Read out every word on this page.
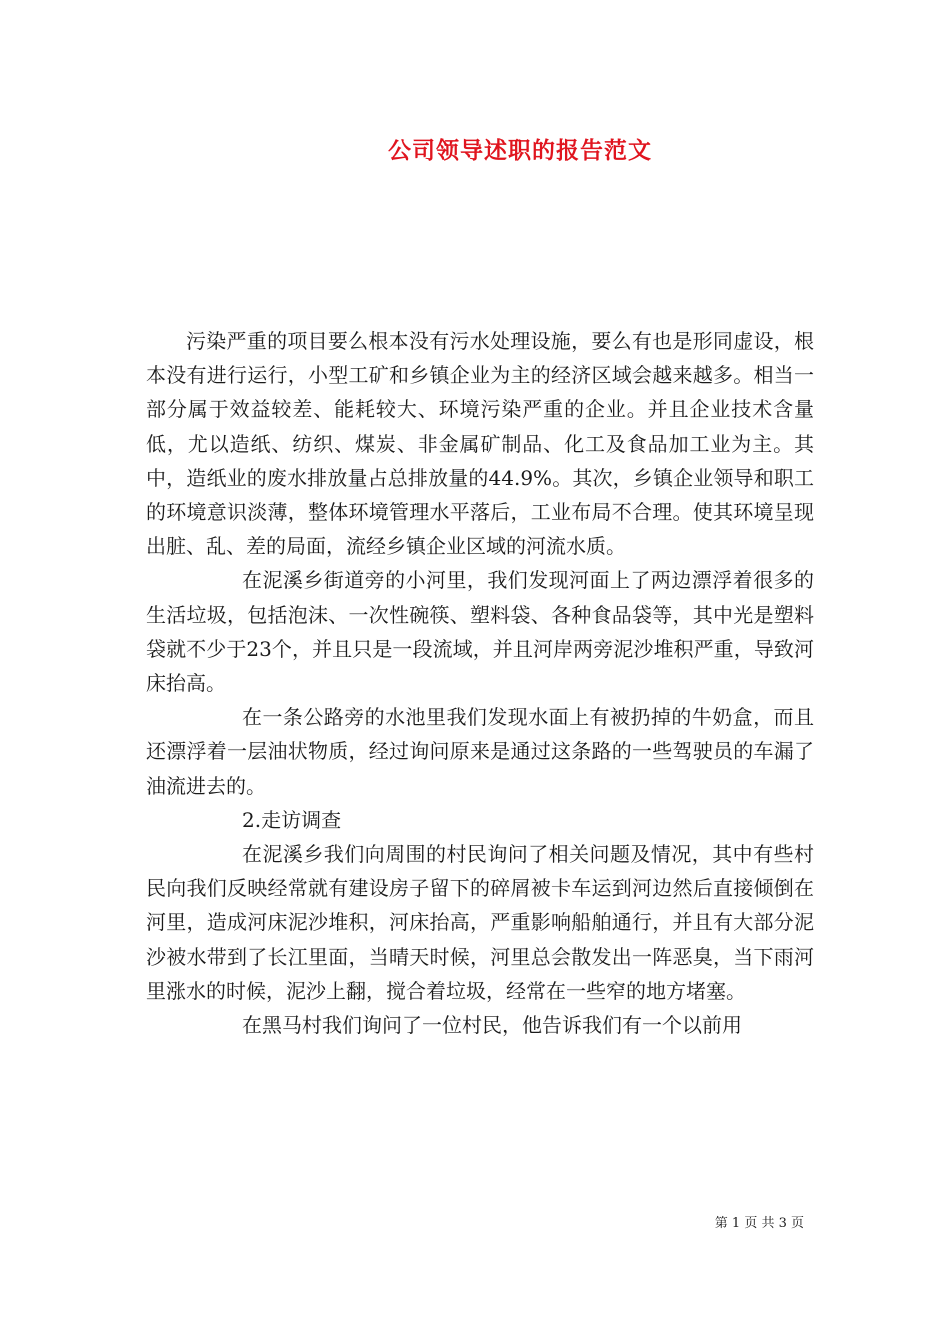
公司领导述职的报告范文

污染严重的项目要么根本没有污水处理设施，要么有也是形同虚设，根本没有进行运行，小型工矿和乡镇企业为主的经济区域会越来越多。相当一部分属于效益较差、能耗较大、环境污染严重的企业。并且企业技术含量低，尤以造纸、纺织、煤炭、非金属矿制品、化工及食品加工业为主。其中，造纸业的废水排放量占总排放量的44.9%。其次，乡镇企业领导和职工的环境意识淡薄，整体环境管理水平落后，工业布局不合理。使其环境呈现出脏、乱、差的局面，流经乡镇企业区域的河流水质。

在泥溪乡街道旁的小河里，我们发现河面上了两边漂浮着很多的生活垃圾，包括泡沫、一次性碗筷、塑料袋、各种食品袋等，其中光是塑料袋就不少于23个，并且只是一段流域，并且河岸两旁泥沙堆积严重，导致河床抬高。

在一条公路旁的水池里我们发现水面上有被扔掉的牛奶盒，而且还漂浮着一层油状物质，经过询问原来是通过这条路的一些驾驶员的车漏了油流进去的。

2.走访调查

在泥溪乡我们向周围的村民询问了相关问题及情况，其中有些村民向我们反映经常就有建设房子留下的碎屑被卡车运到河边然后直接倾倒在河里，造成河床泥沙堆积，河床抬高，严重影响船舶通行，并且有大部分泥沙被水带到了长江里面，当晴天时候，河里总会散发出一阵恶臭，当下雨河里涨水的时候，泥沙上翻，搅合着垃圾，经常在一些窄的地方堵塞。

在黑马村我们询问了一位村民，他告诉我们有一个以前用

第 1 页 共 3 页
